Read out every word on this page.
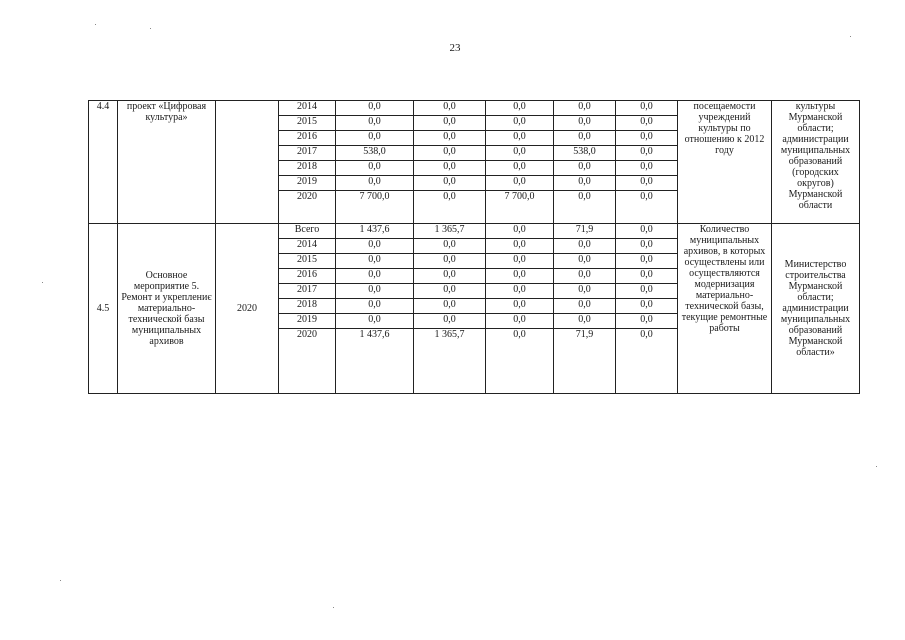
23
4.4	проект «Цифровая культура»		2014	0,0	0,0	0,0	0,0	0,0	посещаемости учреждений культуры по отношению к 2012 году	культуры Мурманской области; администрации муниципальных образований (городских округов) Мурманской области
			2015	0,0	0,0	0,0	0,0	0,0		
			2016	0,0	0,0	0,0	0,0	0,0		
			2017	538,0	0,0	0,0	538,0	0,0		
			2018	0,0	0,0	0,0	0,0	0,0		
			2019	0,0	0,0	0,0	0,0	0,0		
			2020	7 700,0	0,0	7 700,0	0,0	0,0		
4.5	Основное мероприятие 5. Ремонт и укреплениє материально-технической базы муниципальных архивов	2020	Всего	1 437,6	1 365,7	0,0	71,9	0,0	Количество муниципальных архивов, в которых осуществлены или осуществляются модернизация материально-технической базы, текущие ремонтные работы	Министерство строительства Мурманской области; администрации муниципальных образований Мурманской области»
			2014	0,0	0,0	0,0	0,0	0,0		
			2015	0,0	0,0	0,0	0,0	0,0		
			2016	0,0	0,0	0,0	0,0	0,0		
			2017	0,0	0,0	0,0	0,0	0,0		
			2018	0,0	0,0	0,0	0,0	0,0		
			2019	0,0	0,0	0,0	0,0	0,0		
			2020	1 437,6	1 365,7	0,0	71,9	0,0		
